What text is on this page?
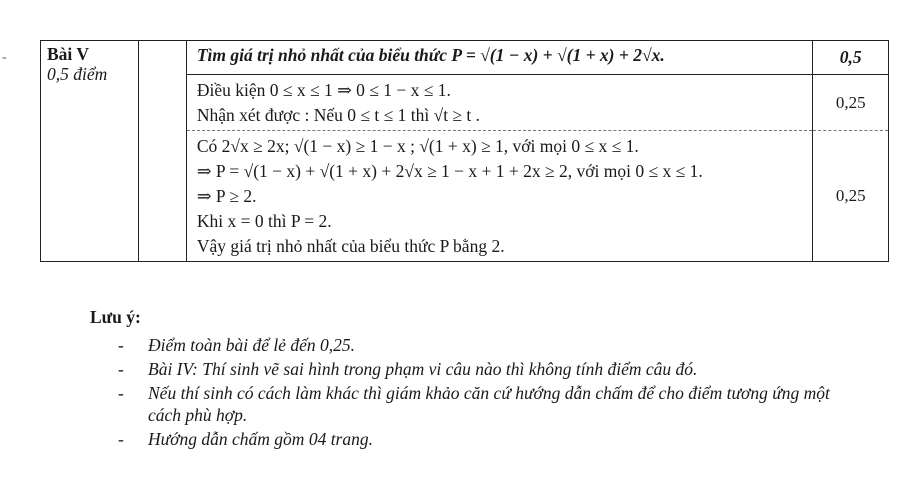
- Bài V
0,5 điểm		Tìm giá trị nhỏ nhất của biểu thức P = √(1 − x) + √(1 + x) + 2√x.	0,5

		Điều kiện 0 ≤ x ≤ 1 ⇒ 0 ≤ 1 − x ≤ 1.
Nhận xét được : Nếu 0 ≤ t ≤ 1 thì √t ≥ t .	0,25

		Có 2√x ≥ 2x; √(1 − x) ≥ 1 − x ; √(1 + x) ≥ 1, với mọi 0 ≤ x ≤ 1.
⇒ P = √(1 − x) + √(1 + x) + 2√x ≥ 1 − x + 1 + 2x ≥ 2, với mọi 0 ≤ x ≤ 1.
⇒ P ≥ 2.
Khi x = 0 thì P = 2.
Vậy giá trị nhỏ nhất của biểu thức P bằng 2.	0,25
Lưu ý:
- Điểm toàn bài để lẻ đến 0,25.
- Bài IV: Thí sinh vẽ sai hình trong phạm vi câu nào thì không tính điểm câu đó.
- Nếu thí sinh có cách làm khác thì giám khảo căn cứ hướng dẫn chấm để cho điểm tương ứng một cách phù hợp.
- Hướng dẫn chấm gồm 04 trang.
